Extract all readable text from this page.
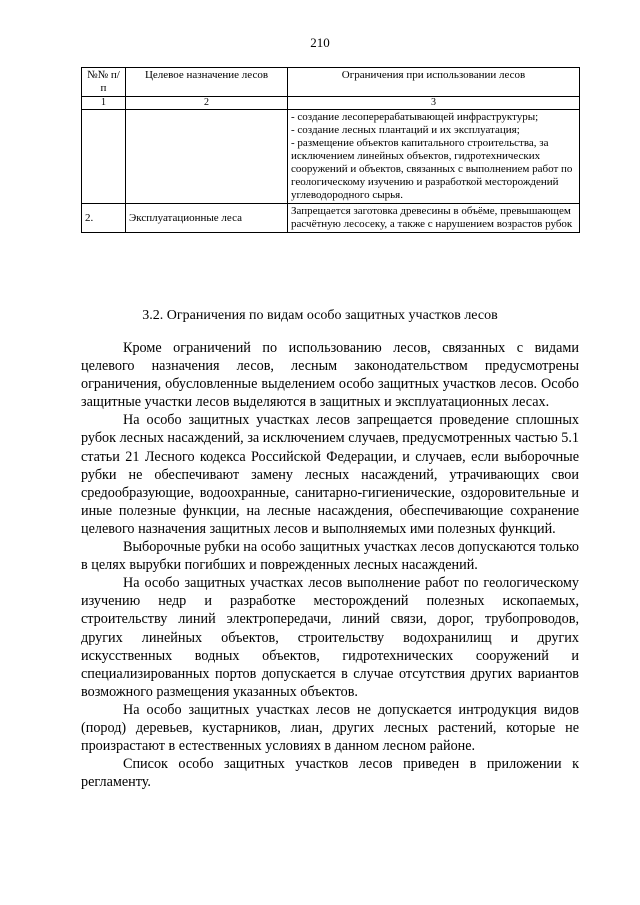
210
№№ п/п	Целевое назначение лесов	Ограничения при использовании лесов
1	2	3

		- создание лесоперерабатывающей инфраструктуры;
- создание лесных плантаций и их эксплуатация;
- размещение объектов капитального строительства, за исключением линейных объектов, гидротехнических сооружений и объектов, связанных с выполнением работ по геологическому изучению и разработкой месторождений углеводородного сырья.

2.	Эксплуатационные леса	Запрещается заготовка древесины в объёме, превышающем расчётную лесосеку, а также с нарушением возрастов рубок
3.2. Ограничения по видам особо защитных участков лесов

Кроме ограничений по использованию лесов, связанных с видами целевого назначения лесов, лесным законодательством предусмотрены ограничения, обусловленные выделением особо защитных участков лесов. Особо защитные участки лесов выделяются в защитных и эксплуатационных лесах.

На особо защитных участках лесов запрещается проведение сплошных рубок лесных насаждений, за исключением случаев, предусмотренных частью 5.1 статьи 21 Лесного кодекса Российской Федерации, и случаев, если выборочные рубки не обеспечивают замену лесных насаждений, утрачивающих свои средообразующие, водоохранные, санитарно-гигиенические, оздоровительные и иные полезные функции, на лесные насаждения, обеспечивающие сохранение целевого назначения защитных лесов и выполняемых ими полезных функций.

Выборочные рубки на особо защитных участках лесов допускаются только в целях вырубки погибших и поврежденных лесных насаждений.

На особо защитных участках лесов выполнение работ по геологическому изучению недр и разработке месторождений полезных ископаемых, строительству линий электропередачи, линий связи, дорог, трубопроводов, других линейных объектов, строительству водохранилищ и других искусственных водных объектов, гидротехнических сооружений и специализированных портов допускается в случае отсутствия других вариантов возможного размещения указанных объектов.

На особо защитных участках лесов не допускается интродукция видов (пород) деревьев, кустарников, лиан, других лесных растений, которые не произрастают в естественных условиях в данном лесном районе.

Список особо защитных участков лесов приведен в приложении к регламенту.
